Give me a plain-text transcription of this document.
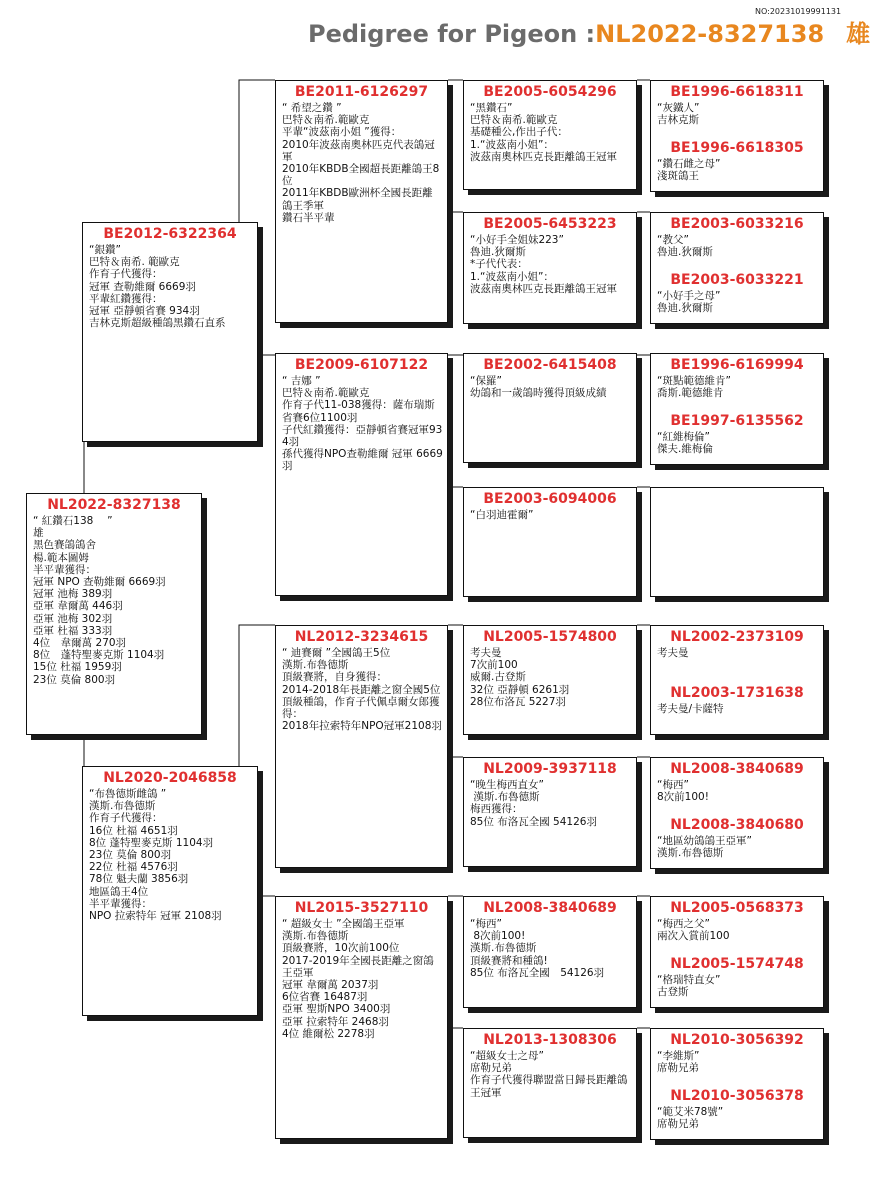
NO:20231019991131
Pedigree for Pigeon :NL2022-8327138 雄
NL2022-8327138
“ 紅鑽石138　 ”
雄
黑色賽鴿鴿舍
楊.範本圖姆
半平輩獲得：
冠軍 NPO 查勒維爾 6669羽
冠軍 池梅 389羽
亞軍 韋爾萬 446羽
亞軍 池梅 302羽
亞軍 杜福 333羽
4位　韋爾萬 270羽
8位　蓬特聖麥克斯 1104羽
15位 杜福 1959羽
23位 莫倫 800羽
BE2012-6322364
“銀鑽”
巴特＆南希. 範歐克
作育子代獲得：
冠軍 查勒維爾 6669羽
平輩紅鑽獲得：
冠軍 亞靜頓省賽 934羽
吉林克斯超級種鴿黑鑽石直系
NL2020-2046858
“布魯德斯雌鴿 ”
漢斯.布魯德斯
作育子代獲得：
16位 杜福 4651羽
8位 蓬特聖麥克斯 1104羽
23位 莫倫 800羽
22位 杜福 4576羽
78位 魁夫蘭 3856羽
地區鴿王4位
半平輩獲得：
NPO 拉索特年 冠軍 2108羽
BE2011-6126297
“ 希望之鑽 ”
巴特＆南希.範歐克
平輩“波茲南小姐 ”獲得：
2010年波茲南奧林匹克代表鴿冠軍
2010年KBDB全國超長距離鴿王8位
2011年KBDB歐洲杯全國長距離鴿王季軍
鑽石半平輩
BE2009-6107122
“ 吉娜 ”
巴特＆南希.範歐克
作育子代11-038獲得：薩布瑞斯省賽6位1100羽
子代紅鑽獲得：亞靜頓省賽冠軍934羽
孫代獲得NPO查勒維爾 冠軍 6669羽
NL2012-3234615
“ 迪賽爾 ”全國鴿王5位
漢斯.布魯德斯
頂級賽將，自身獲得：
2014-2018年長距離之窗全國5位
頂級種鴿，作育子代佩卓爾女郎獲得：
2018年拉索特年NPO冠軍2108羽
NL2015-3527110
“ 超級女士 ”全國鴿王亞軍
漢斯.布魯德斯
頂級賽將，10次前100位
2017-2019年全國長距離之窗鴿王亞軍
冠軍 韋爾萬 2037羽
6位省賽 16487羽
亞軍 聖斯NPO 3400羽
亞軍 拉索特年 2468羽
4位 維爾松 2278羽
BE2005-6054296
“黑鑽石”
巴特＆南希.範歐克
基礎種公,作出子代：
1.“波茲南小姐”：
波茲南奧林匹克長距離鴿王冠軍
BE2005-6453223
“小好手全姐妹223”
魯迪.狄爾斯
*子代代表：
1.“波茲南小姐”：
波茲南奧林匹克長距離鴿王冠軍
BE2002-6415408
“保羅”
幼鴿和一歲鴿時獲得頂級成績
BE2003-6094006
“白羽迪霍爾”
NL2005-1574800
考夫曼
7次前100
威爾.古登斯
32位 亞靜頓 6261羽
28位布洛瓦 5227羽
NL2009-3937118
“晚生梅西直女”
漢斯.布魯德斯
梅西獲得：
85位 布洛瓦全國 54126羽
NL2008-3840689
“梅西”
8次前100!
漢斯.布魯德斯
頂級賽將和種鴿!
85位 布洛瓦全國　54126羽
NL2013-1308306
“超級女士之母”
席勒兄弟
作育子代獲得聯盟當日歸長距離鴿王冠軍
BE1996-6618311
“灰鐵人”
吉林克斯
BE1996-6618305
“鑽石雌之母”
淺斑鴿王
BE2003-6033216
“教父”
魯迪.狄爾斯
BE2003-6033221
“小好手之母”
魯迪.狄爾斯
BE1996-6169994
“斑點範德維肯”
喬斯.範德維肯
BE1997-6135562
“紅維梅倫”
傑夫.維梅倫
NL2002-2373109
考夫曼
NL2003-1731638
考夫曼/卡薩特
NL2008-3840689
“梅西”
8次前100!
NL2008-3840680
“地區幼鴿鴿王亞軍”
漢斯.布魯德斯
NL2005-0568373
“梅西之父”
兩次入賞前100
NL2005-1574748
“格瑞特直女”
古登斯
NL2010-3056392
“李維斯”
席勒兄弟
NL2010-3056378
“範艾米78號”
席勒兄弟
